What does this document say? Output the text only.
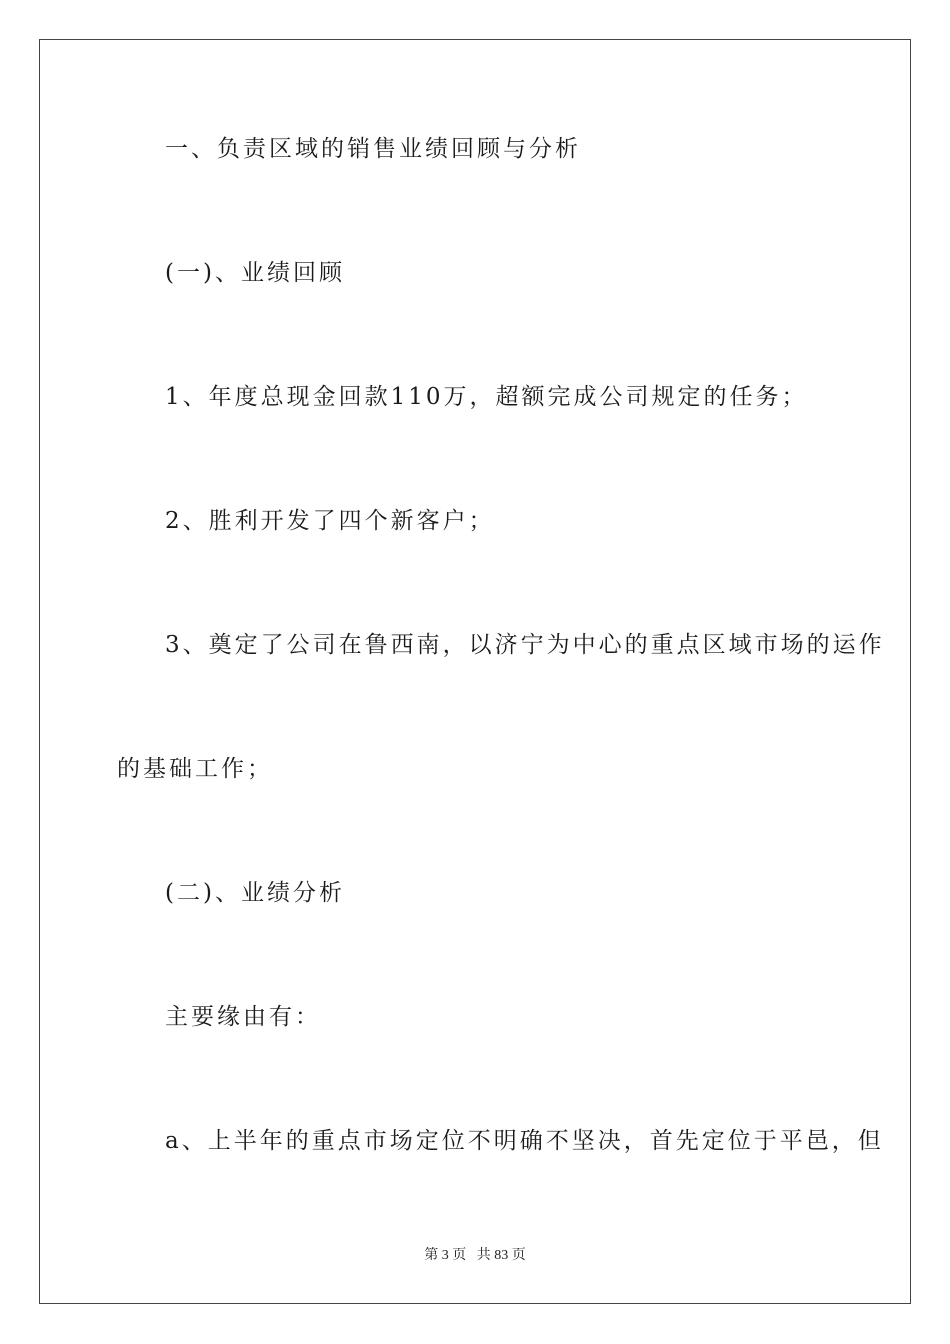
一、负责区域的销售业绩回顾与分析
(一)、业绩回顾
1、年度总现金回款110万，超额完成公司规定的任务；
2、胜利开发了四个新客户；
3、奠定了公司在鲁西南，以济宁为中心的重点区域市场的运作
的基础工作；
(二)、业绩分析
主要缘由有：
a、上半年的重点市场定位不明确不坚决，首先定位于平邑，但
第 3 页   共 83 页
